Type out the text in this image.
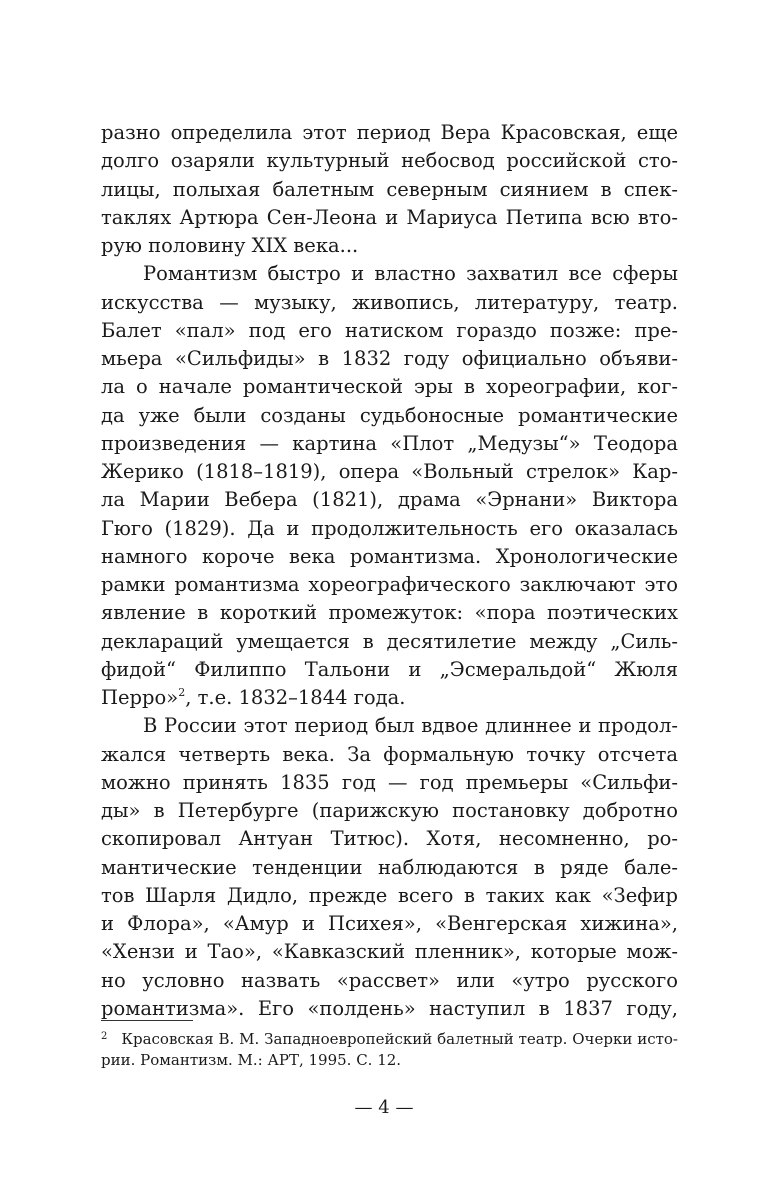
разно определила этот период Вера Красовская, еще
долго озаряли культурный небосвод российской сто-
лицы, полыхая балетным северным сиянием в спек-
таклях Артюра Сен-Леона и Мариуса Петипа всю вто-
рую половину XIX века...
Романтизм быстро и властно захватил все сферы
искусства — музыку, живопись, литературу, театр.
Балет «пал» под его натиском гораздо позже: пре-
мьера «Сильфиды» в 1832 году официально объяви-
ла о начале романтической эры в хореографии, ког-
да уже были созданы судьбоносные романтические
произведения — картина «Плот „Медузы“» Теодора
Жерико (1818–1819), опера «Вольный стрелок» Кар-
ла Марии Вебера (1821), драма «Эрнани» Виктора
Гюго (1829). Да и продолжительность его оказалась
намного короче века романтизма. Хронологические
рамки романтизма хореографического заключают это
явление в короткий промежуток: «пора поэтических
деклараций умещается в десятилетие между „Силь-
фидой“ Филиппо Тальони и „Эсмеральдой“ Жюля
Перро»$^2$, т.е. 1832–1844 года.
В России этот период был вдвое длиннее и продол-
жался четверть века. За формальную точку отсчета
можно принять 1835 год — год премьеры «Сильфи-
ды» в Петербурге (парижскую постановку добротно
скопировал Антуан Титюс). Хотя, несомненно, ро-
мантические тенденции наблюдаются в ряде бале-
тов Шарля Дидло, прежде всего в таких как «Зефир
и Флора», «Амур и Психея», «Венгерская хижина»,
«Хензи и Тао», «Кавказский пленник», которые мож-
но условно назвать «рассвет» или «утро русского
романтизма». Его «полдень» наступил в 1837 году,
$^2$ Красовская В. М. Западноевропейский балетный театр. Очерки исто-
рии. Романтизм. М.: АРТ, 1995. С. 12.
— 4 —
